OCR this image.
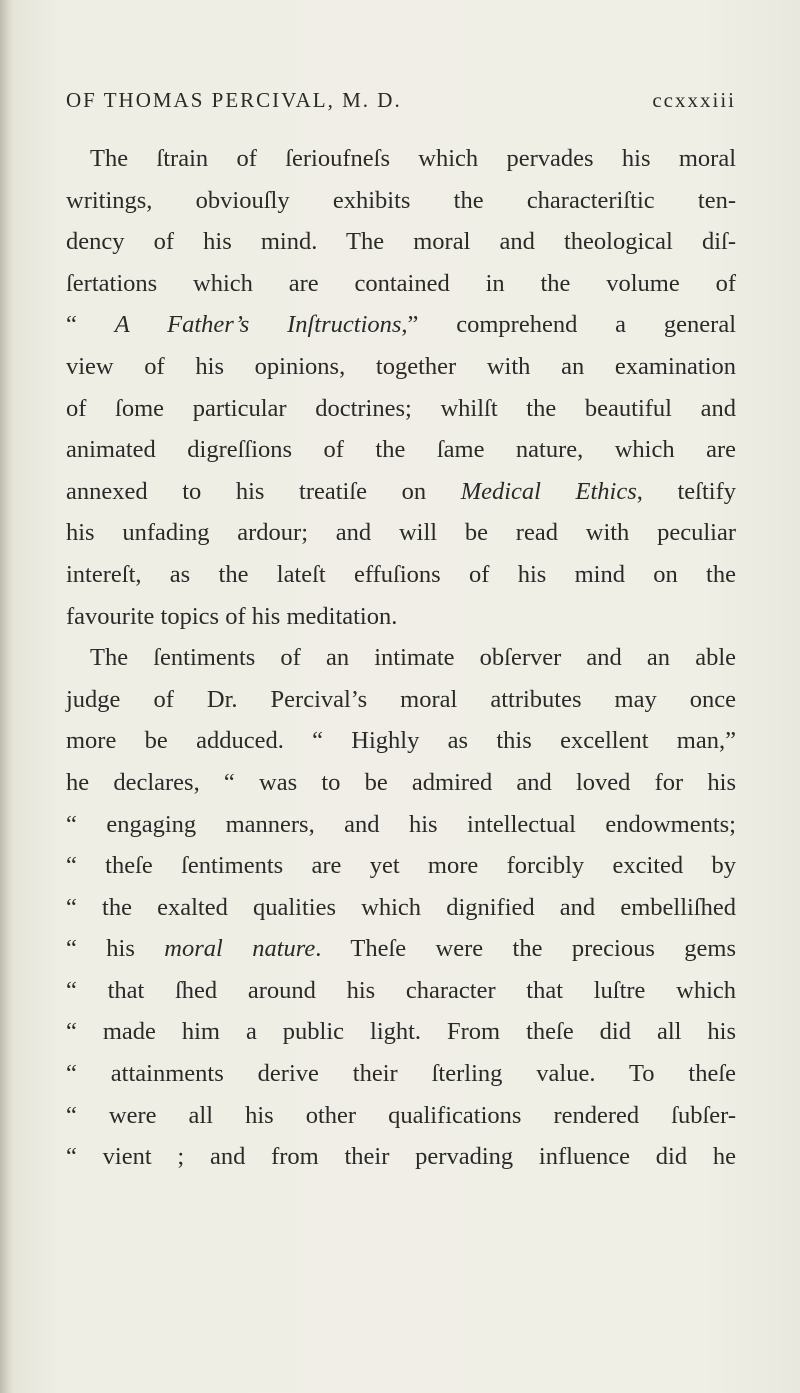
OF THOMAS PERCIVAL, M. D.	ccxxxiii
The ſtrain of ſerioufneſs which pervades his moral
writings, obviouſly exhibits the characteriſtic ten-
dency of his mind. The moral and theological diſ-
ſertations which are contained in the volume of
“ A Father’s Inſtructions,” comprehend a general
view of his opinions, together with an examination
of ſome particular doctrines; whilſt the beautiful and
animated digreſſions of the ſame nature, which are
annexed to his treatiſe on Medical Ethics, teſtify
his unfading ardour; and will be read with peculiar
intereſt, as the lateſt effuſions of his mind on the
favourite topics of his meditation.
The ſentiments of an intimate obſerver and an able
judge of Dr. Percival’s moral attributes may once
more be adduced. “ Highly as this excellent man,”
he declares, “ was to be admired and loved for his
“ engaging manners, and his intellectual endowments;
“ theſe ſentiments are yet more forcibly excited by
“ the exalted qualities which dignified and embelliſhed
“ his moral nature. Theſe were the precious gems
“ that ſhed around his character that luſtre which
“ made him a public light. From theſe did all his
“ attainments derive their ſterling value. To theſe
“ were all his other qualifications rendered ſubſer-
“ vient ; and from their pervading influence did he
